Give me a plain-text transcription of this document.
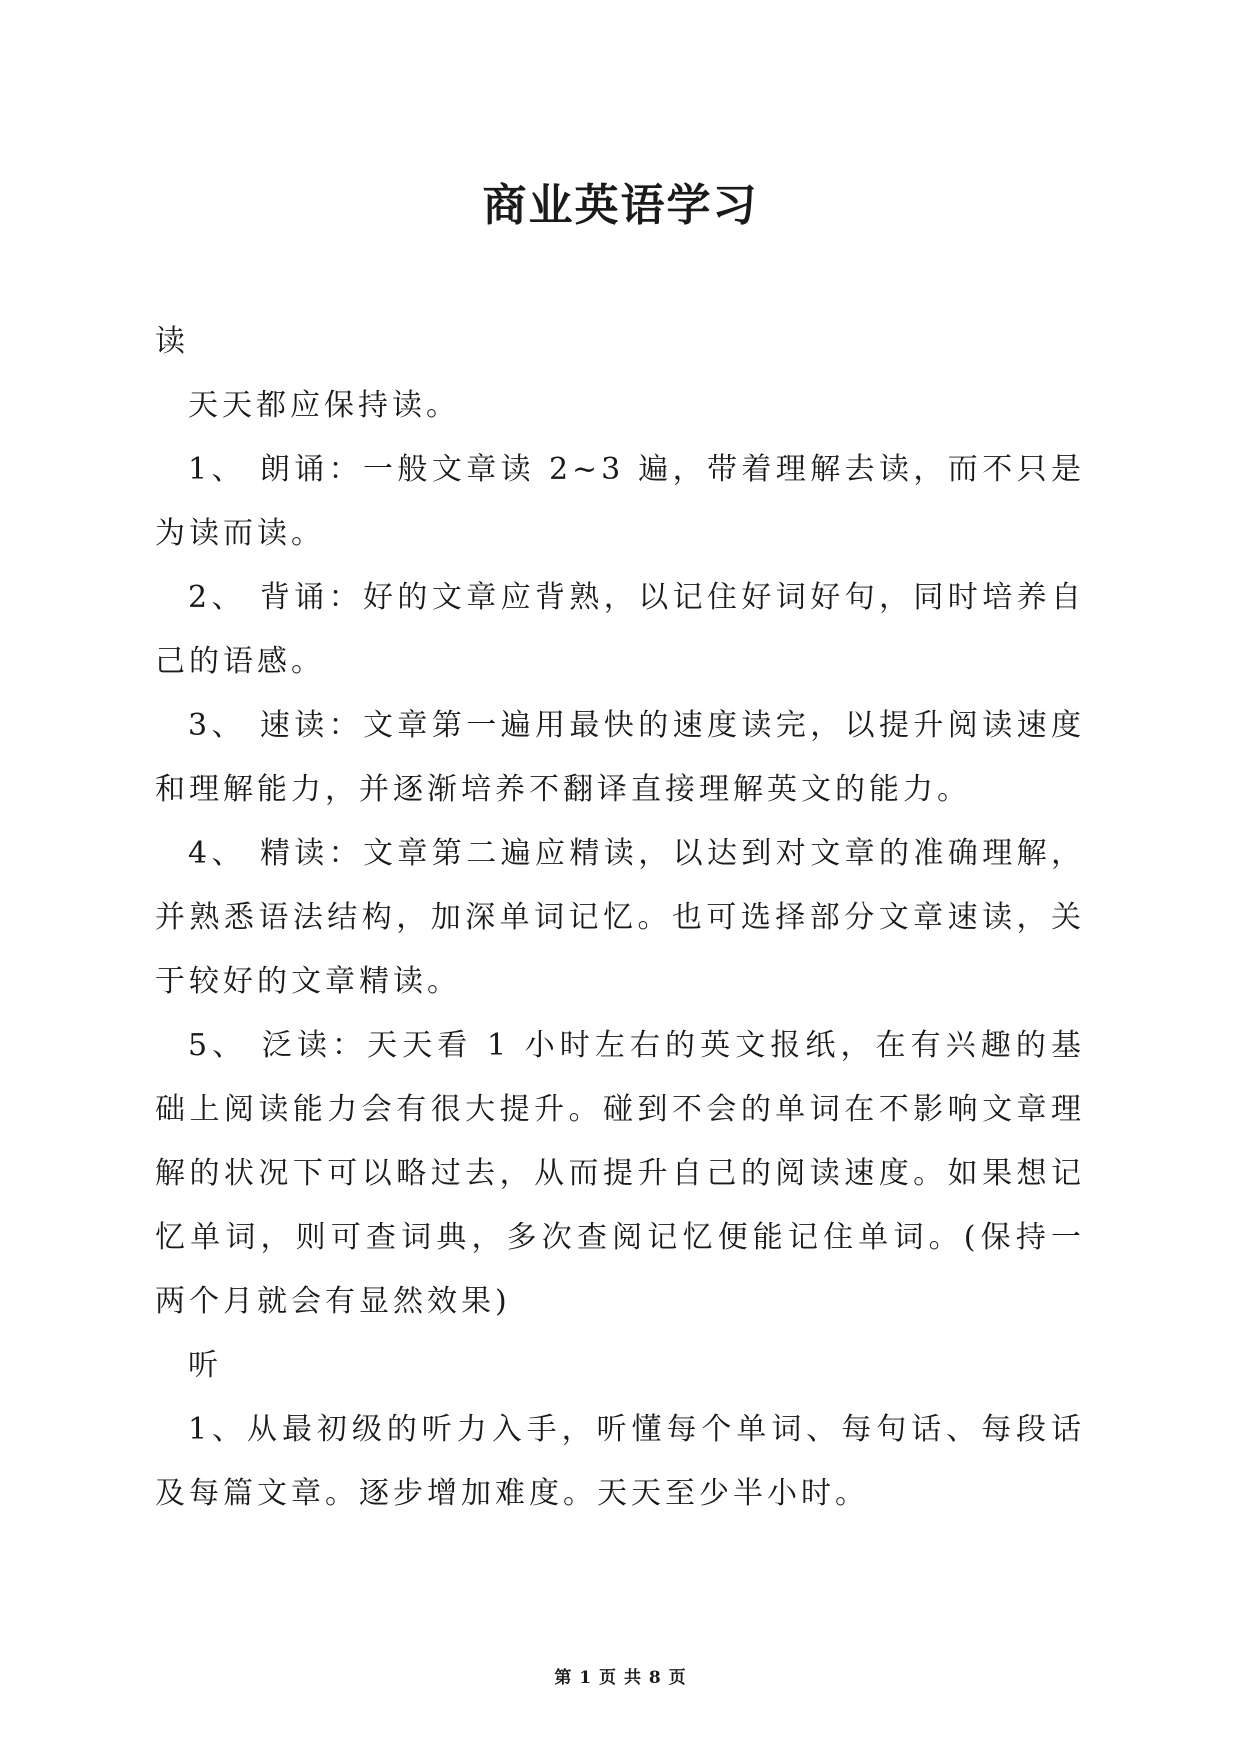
商业英语学习

读

天天都应保持读。

1、 朗诵：一般文章读 2~3 遍，带着理解去读，而不只是为读而读。

2、 背诵：好的文章应背熟，以记住好词好句，同时培养自己的语感。

3、 速读：文章第一遍用最快的速度读完，以提升阅读速度和理解能力，并逐渐培养不翻译直接理解英文的能力。

4、 精读：文章第二遍应精读，以达到对文章的准确理解，并熟悉语法结构，加深单词记忆。也可选择部分文章速读，关于较好的文章精读。

5、 泛读：天天看 1 小时左右的英文报纸，在有兴趣的基础上阅读能力会有很大提升。碰到不会的单词在不影响文章理解的状况下可以略过去，从而提升自己的阅读速度。如果想记忆单词，则可查词典，多次查阅记忆便能记住单词。(保持一两个月就会有显然效果)

听

1、从最初级的听力入手，听懂每个单词、每句话、每段话及每篇文章。逐步增加难度。天天至少半小时。

第 1 页 共 8 页
